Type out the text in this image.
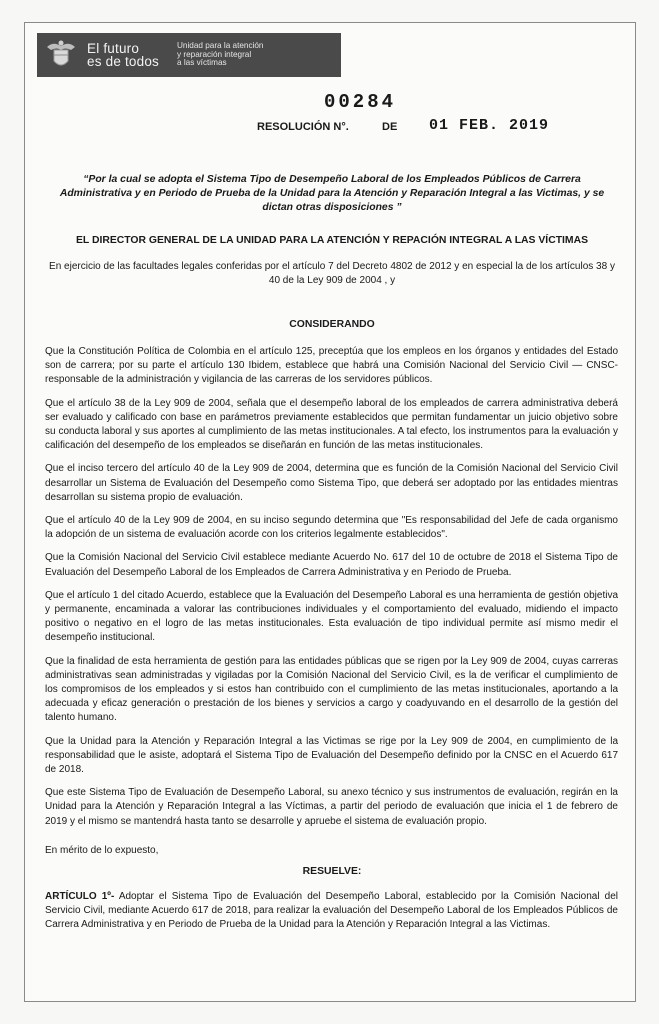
El futuro
es de todos
Unidad para la atención
y reparación integral
a las víctimas
00284
RESOLUCIÓN N°.	DE 01 FEB. 2019
“Por la cual se adopta el Sistema Tipo de Desempeño Laboral de los Empleados Públicos de Carrera Administrativa y en Periodo de Prueba de la Unidad para la Atención y Reparación Integral a las Victimas, y se dictan otras disposiciones ”
EL DIRECTOR GENERAL DE LA UNIDAD PARA LA ATENCIÓN Y REPACIÓN INTEGRAL A LAS VÍCTIMAS
En ejercicio de las facultades legales conferidas por el artículo 7 del Decreto 4802 de 2012 y en especial la de los artículos 38 y 40 de la Ley 909 de 2004 , y
CONSIDERANDO

Que la Constitución Política de Colombia en el artículo 125, preceptúa que los empleos en los órganos y entidades del Estado son de carrera; por su parte el artículo 130 Ibidem, establece que habrá una Comisión Nacional del Servicio Civil — CNSC- responsable de la administración y vigilancia de las carreras de los servidores públicos.

Que el artículo 38 de la Ley 909 de 2004, señala que el desempeño laboral de los empleados de carrera administrativa deberá ser evaluado y calificado con base en parámetros previamente establecidos que permitan fundamentar un juicio objetivo sobre su conducta laboral y sus aportes al cumplimiento de las metas institucionales. A tal efecto, los instrumentos para la evaluación y calificación del desempeño de los empleados se diseñarán en función de las metas institucionales.

Que el inciso tercero del artículo 40 de la Ley 909 de 2004, determina que es función de la Comisión Nacional del Servicio Civil desarrollar un Sistema de Evaluación del Desempeño como Sistema Tipo, que deberá ser adoptado por las entidades mientras desarrollan su sistema propio de evaluación.

Que el artículo 40 de la Ley 909 de 2004, en su inciso segundo determina que "Es responsabilidad del Jefe de cada organismo la adopción de un sistema de evaluación acorde con los criterios legalmente establecidos".

Que la Comisión Nacional del Servicio Civil establece mediante Acuerdo No. 617 del 10 de octubre de 2018 el Sistema Tipo de Evaluación del Desempeño Laboral de los Empleados de Carrera Administrativa y en Periodo de Prueba.

Que el artículo 1 del citado Acuerdo, establece que la Evaluación del Desempeño Laboral es una herramienta de gestión objetiva y permanente, encaminada a valorar las contribuciones individuales y el comportamiento del evaluado, midiendo el impacto positivo o negativo en el logro de las metas institucionales. Esta evaluación de tipo individual permite así mismo medir el desempeño institucional.

Que la finalidad de esta herramienta de gestión para las entidades públicas que se rigen por la Ley 909 de 2004, cuyas carreras administrativas sean administradas y vigiladas por la Comisión Nacional del Servicio Civil, es la de verificar el cumplimiento de los compromisos de los empleados y si estos han contribuido con el cumplimiento de las metas institucionales, aportando a la adecuada y eficaz generación o prestación de los bienes y servicios a cargo y coadyuvando en el desarrollo de la gestión del talento humano.

Que la Unidad para la Atención y Reparación Integral a las Victimas se rige por la Ley 909 de 2004, en cumplimiento de la responsabilidad que le asiste, adoptará el Sistema Tipo de Evaluación del Desempeño definido por la CNSC en el Acuerdo 617 de 2018.

Que este Sistema Tipo de Evaluación de Desempeño Laboral, su anexo técnico y sus instrumentos de evaluación, regirán en la Unidad para la Atención y Reparación Integral a las Víctimas, a partir del periodo de evaluación que inicia el 1 de febrero de 2019 y el mismo se mantendrá hasta tanto se desarrolle y apruebe el sistema de evaluación propio.

En mérito de lo expuesto,
RESUELVE:
ARTÍCULO 1º- Adoptar el Sistema Tipo de Evaluación del Desempeño Laboral, establecido por la Comisión Nacional del Servicio Civil, mediante Acuerdo 617 de 2018, para realizar la evaluación del Desempeño Laboral de los Empleados Públicos de Carrera Administrativa y en Periodo de Prueba de la Unidad para la Atención y Reparación Integral a las Victimas.
